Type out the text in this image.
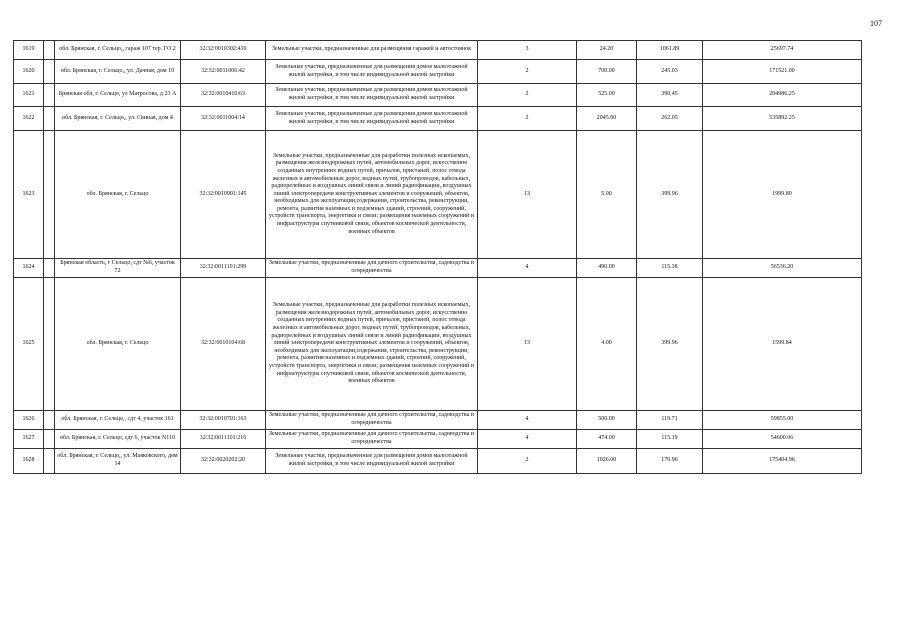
107
1619		обл. Брянская, г. Сельцо,, гараж 107 тер. ГО 2	32:32:0010302:410	Земельные участки, предназначенные для размещения гаражей и автостоянок	3	24.20	1061.89	25697.74
1620		обл. Брянская, г. Сельцо,, ул. Дачная, дом 10	32:32:0011006:42	Земельные участки, предназначенные для размещения домов малоэтажной жилой застройки, в том числе индивидуальной жилой застройки	2	700.00	245.03	171521.00
1621		Брянская обл, г. Сельцо, ул Матросова, д 23 А	32:32:0010410:63	Земельные участки, предназначенные для размещения домов малоэтажной жилой застройки, в том числе индивидуальной жилой застройки	2	525.00	390.45	204986.25
1622		обл. Брянская, г. Сельцо,, ул. Свиная, дом 4	32:32:0011004:14	Земельные участки, предназначенные для размещения домов малоэтажной жилой застройки, в том числе индивидуальной жилой застройки	2	2045.00	262.05	535892.25
1623		обл. Брянская, г. Сельцо	32:32:0010901:145	Земельные участки, предназначенные для разработки полезных ископаемых, размещения железнодорожных путей, автомобильных дорог, искусственно созданных внутренних водных путей, причалов, пристаней, полос отвода железных и автомобильных дорог, водных путей, трубопроводов, кабельных, радиорелейных и воздушных линий связи и линий радиофикации, воздушных линий электропередачи конструктивных элементов и сооружений, объектов, необходимых для эксплуатации,содержания, строительства, реконструкции, ремонта, развития наземных и подземных зданий, строений, сооружений, устройств транспорта, энергетики и связи; размещения наземных сооружений и инфраструктуры спутниковой связи, объектов космической деятельности, военных объектов	13	5.00	399.96	1999.80
1624		Брянская область, г Сельцо, сдт №6, участок 72	32:32:0011101:299	Земельные участки, предназначенные для дачного строительства, садоводства и огородничества	4	490.00	115.38	56536.20
1625		обл. Брянская, г. Сельцо	32:32:0010104:68	Земельные участки, предназначенные для разработки полезных ископаемых, размещения железнодорожных путей, автомобильных дорог, искусственно созданных внутренних водных путей, причалов, пристаней, полос отвода железных и автомобильных дорог, водных путей, трубопроводов, кабельных, радиорелейных и воздушных линий связи и линий радиофикации, воздушных линий электропередачи конструктивных элементов и сооружений, объектов, необходимых для эксплуатации,содержания, строительства, реконструкции, ремонта, развития наземных и подземных зданий, строений, сооружений, устройств транспорта, энергетики и связи; размещения наземных сооружений и инфраструктуры спутниковой связи, объектов космической деятельности, военных объектов	13	4.00	399.96	1599.84
1626		обл. Брянская, г. Сельцо,, сдт 4, участок 161	32:32:0010701:163	Земельные участки, предназначенные для дачного строительства, садоводства и огородничества	4	500.00	119.71	59855.00
1627		обл. Брянская, г. Сельцо, сдт 6, участок N110	32:32:0011101:216	Земельные участки, предназначенные для дачного строительства, садоводства и огородничества	4	474.00	115.19	54600.06
1628		обл. Брянская, г. Сельцо,, ул. Маяковского, дом 14	32:32:0020202:20	Земельные участки, предназначенные для размещения домов малоэтажной жилой застройки, в том числе индивидуальной жилой застройки	2	1026.00	170.96	175404.96
